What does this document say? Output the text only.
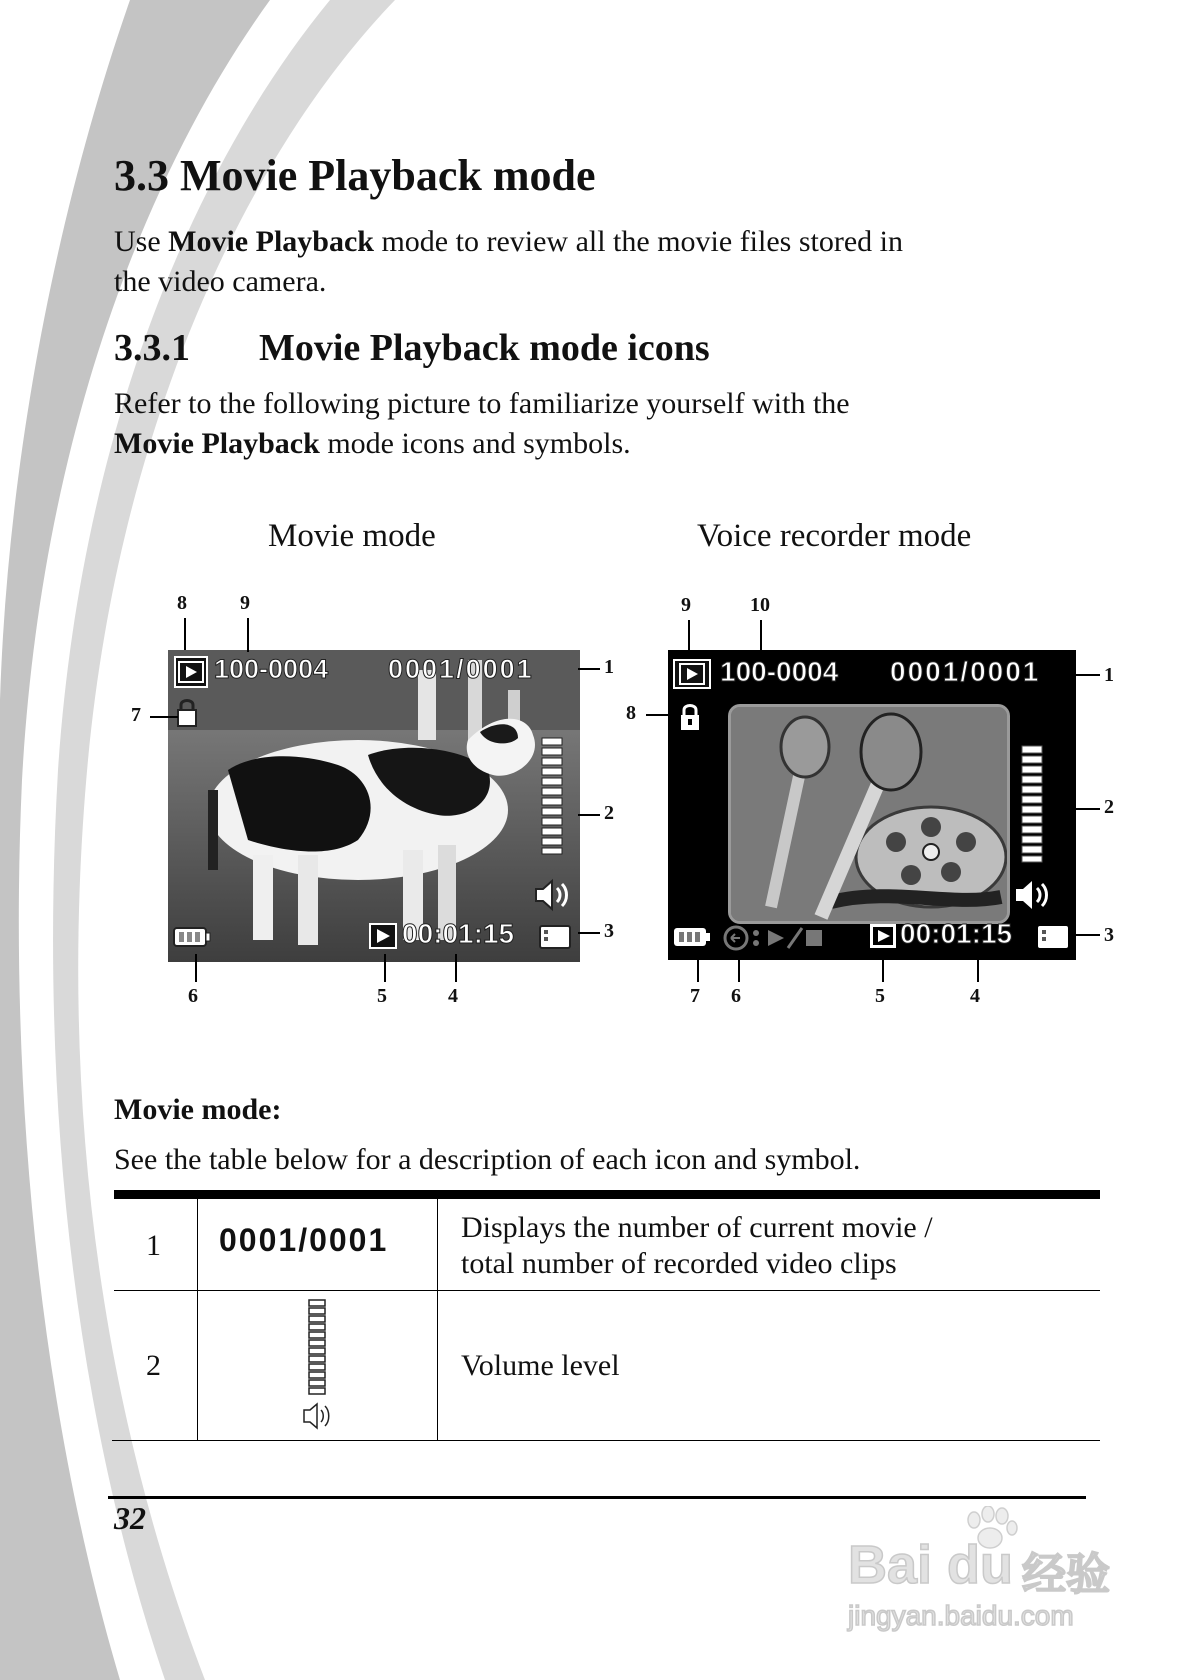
3.3 Movie Playback mode
Use Movie Playback mode to review all the movie files stored in
the video camera.
3.3.1 Movie Playback mode icons
Refer to the following picture to familiarize yourself with the
Movie Playback mode icons and symbols.
Movie mode	Voice recorder mode
100-0004 0001/0001
00:01:15
8	9
1
7
2
3
6	5	4
100-0004 0001/0001
00:01:15
9	10
1
8
2
3
7 6	5	4
Movie mode:
See the table below for a description of each icon and symbol.
1 0001/0001 Displays the number of current movie /
total number of recorded video clips
2	Volume level
32
Bai du 经验
jingyan.baidu.com
